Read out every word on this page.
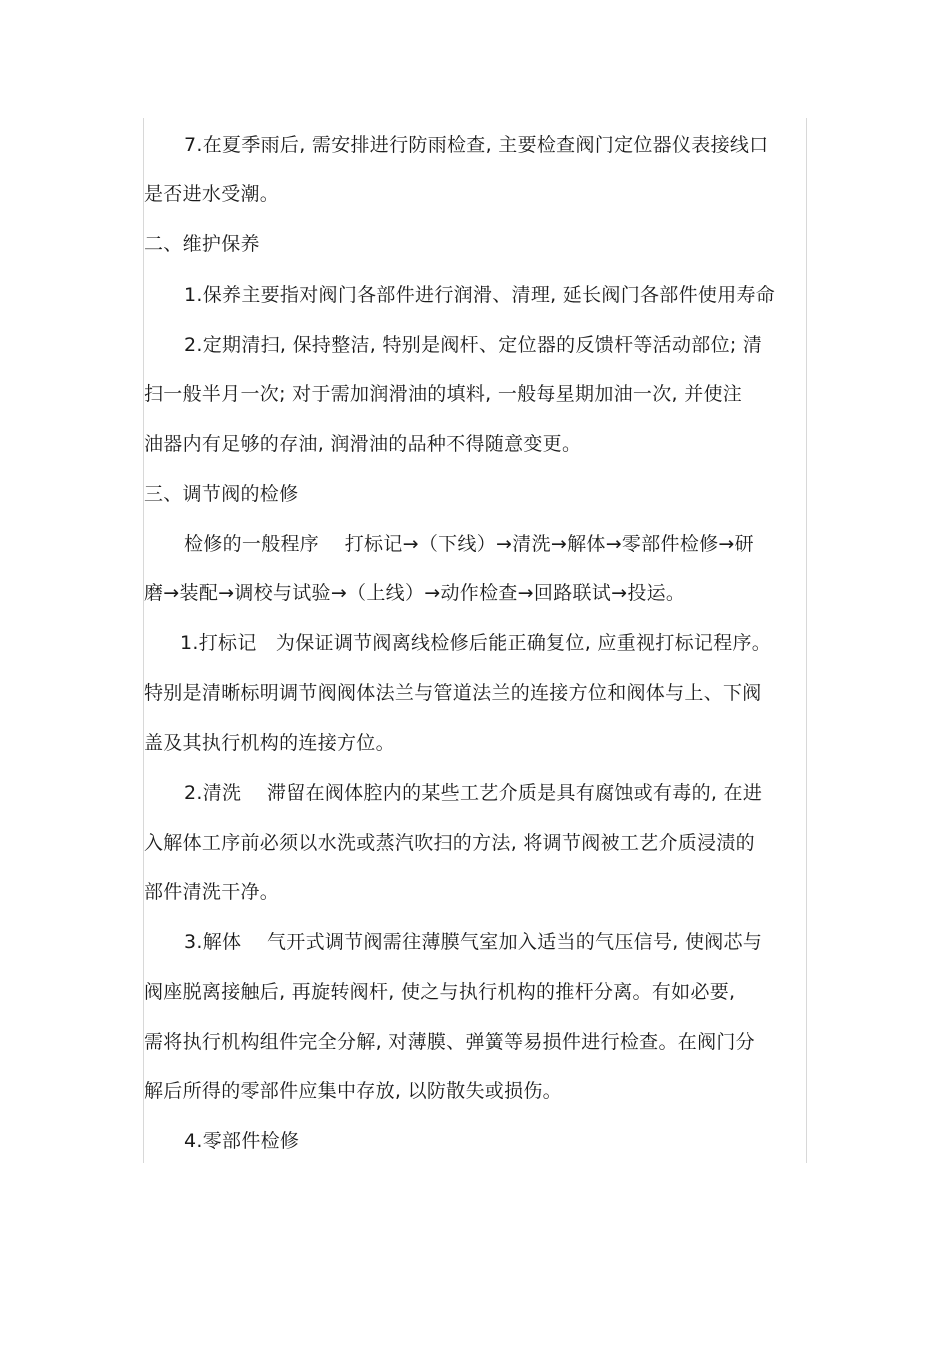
7.在夏季雨后, 需安排进行防雨检查, 主要检查阀门定位器仪表接线口
是否进水受潮。
二、维护保养
1.保养主要指对阀门各部件进行润滑、清理, 延长阀门各部件使用寿命
2.定期清扫, 保持整洁, 特别是阀杆、定位器的反馈杆等活动部位; 清
扫一般半月一次; 对于需加润滑油的填料, 一般每星期加油一次, 并使注
油器内有足够的存油, 润滑油的品种不得随意变更。
三、调节阀的检修
检修的一般程序　 打标记→（下线）→清洗→解体→零部件检修→研
磨→装配→调校与试验→（上线）→动作检查→回路联试→投运。
1.打标记　为保证调节阀离线检修后能正确复位, 应重视打标记程序。
特别是清晰标明调节阀阀体法兰与管道法兰的连接方位和阀体与上、下阀
盖及其执行机构的连接方位。
2.清洗　 滞留在阀体腔内的某些工艺介质是具有腐蚀或有毒的, 在进
入解体工序前必须以水洗或蒸汽吹扫的方法, 将调节阀被工艺介质浸渍的
部件清洗干净。
3.解体　 气开式调节阀需往薄膜气室加入适当的气压信号, 使阀芯与
阀座脱离接触后, 再旋转阀杆, 使之与执行机构的推杆分离。有如必要,
需将执行机构组件完全分解, 对薄膜、弹簧等易损件进行检查。在阀门分
解后所得的零部件应集中存放, 以防散失或损伤。
4.零部件检修
